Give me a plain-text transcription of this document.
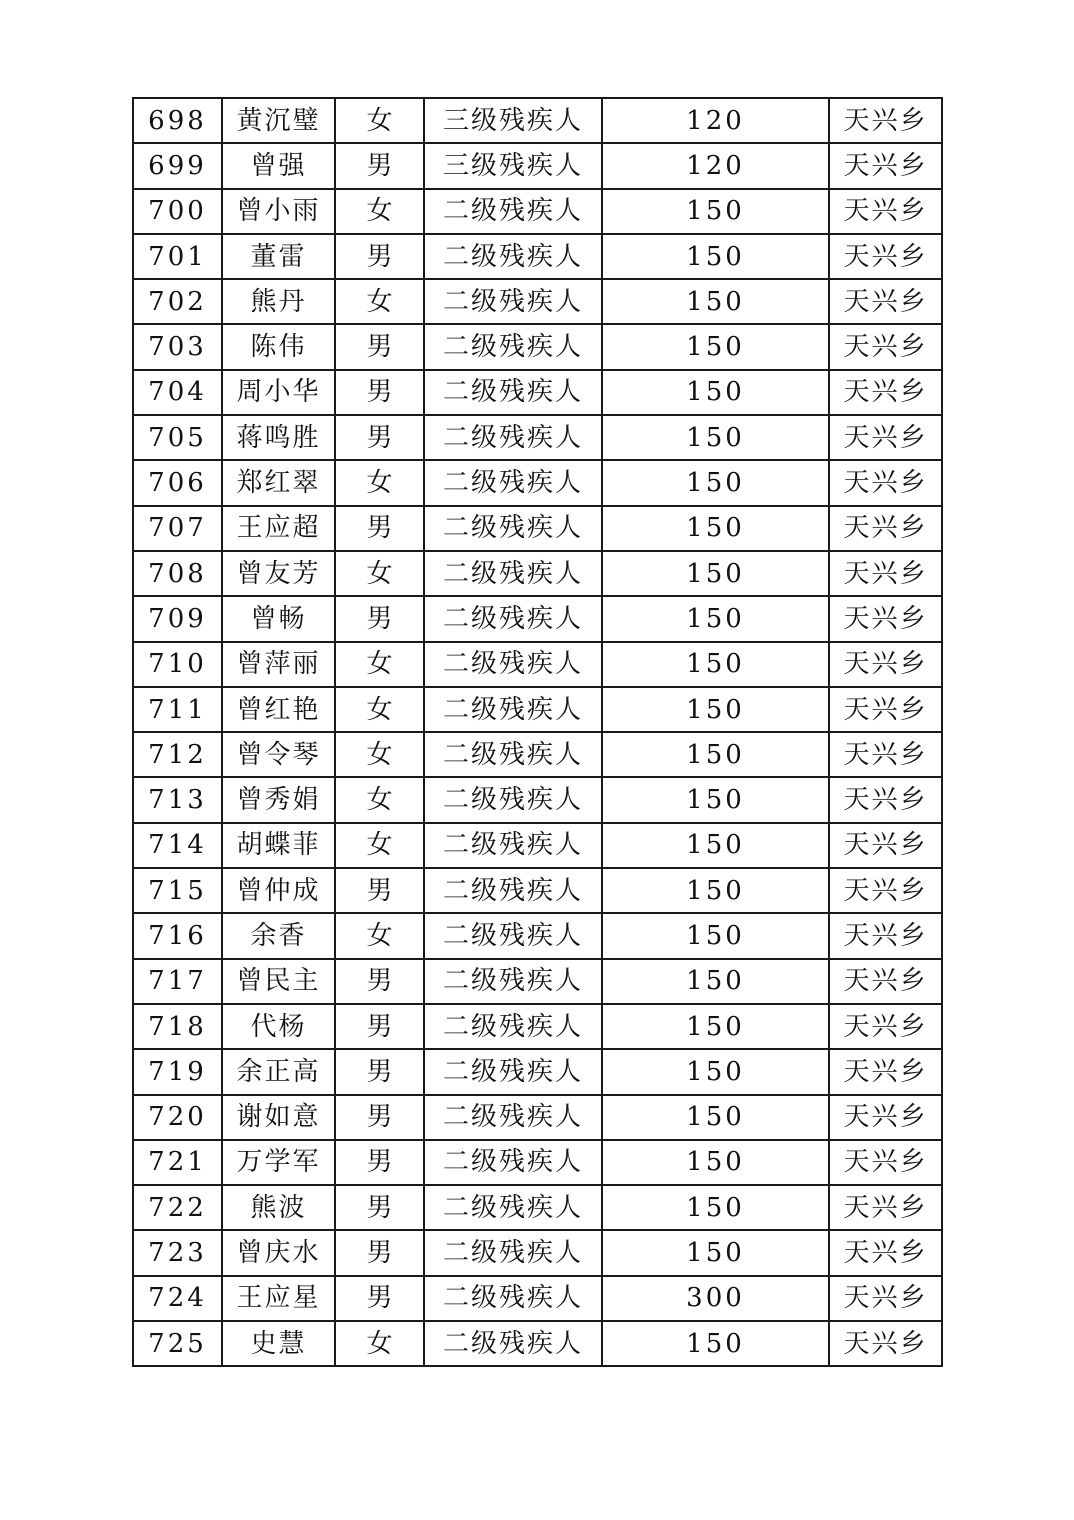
698	黄沉璧	女	三级残疾人	120	天兴乡
699	曾强	男	三级残疾人	120	天兴乡
700	曾小雨	女	二级残疾人	150	天兴乡
701	董雷	男	二级残疾人	150	天兴乡
702	熊丹	女	二级残疾人	150	天兴乡
703	陈伟	男	二级残疾人	150	天兴乡
704	周小华	男	二级残疾人	150	天兴乡
705	蒋鸣胜	男	二级残疾人	150	天兴乡
706	郑红翠	女	二级残疾人	150	天兴乡
707	王应超	男	二级残疾人	150	天兴乡
708	曾友芳	女	二级残疾人	150	天兴乡
709	曾畅	男	二级残疾人	150	天兴乡
710	曾萍丽	女	二级残疾人	150	天兴乡
711	曾红艳	女	二级残疾人	150	天兴乡
712	曾令琴	女	二级残疾人	150	天兴乡
713	曾秀娟	女	二级残疾人	150	天兴乡
714	胡蝶菲	女	二级残疾人	150	天兴乡
715	曾仲成	男	二级残疾人	150	天兴乡
716	余香	女	二级残疾人	150	天兴乡
717	曾民主	男	二级残疾人	150	天兴乡
718	代杨	男	二级残疾人	150	天兴乡
719	余正高	男	二级残疾人	150	天兴乡
720	谢如意	男	二级残疾人	150	天兴乡
721	万学军	男	二级残疾人	150	天兴乡
722	熊波	男	二级残疾人	150	天兴乡
723	曾庆水	男	二级残疾人	150	天兴乡
724	王应星	男	二级残疾人	300	天兴乡
725	史慧	女	二级残疾人	150	天兴乡
